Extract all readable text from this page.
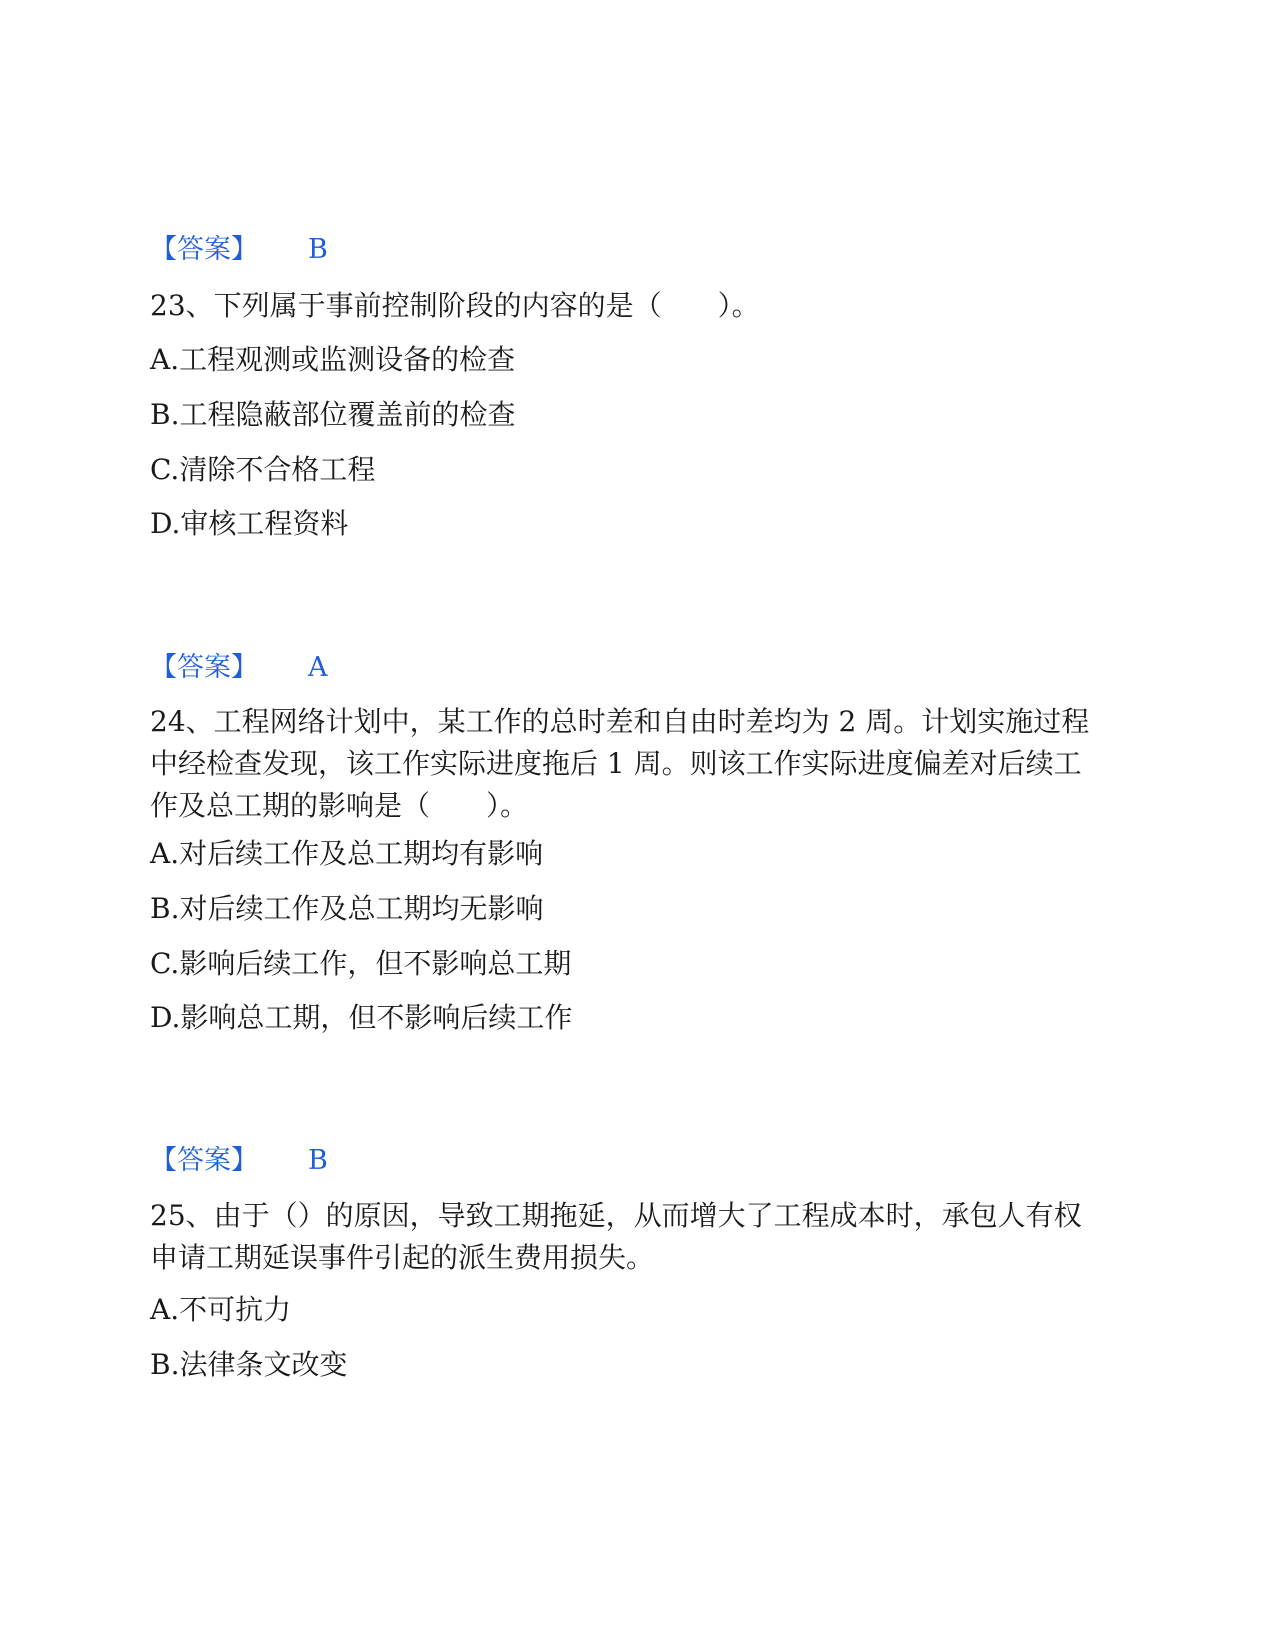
【答案】 B
23、下列属于事前控制阶段的内容的是（　　）。
A.工程观测或监测设备的检查
B.工程隐蔽部位覆盖前的检查
C.清除不合格工程
D.审核工程资料
【答案】 A
24、工程网络计划中，某工作的总时差和自由时差均为 2 周。计划实施过程
中经检查发现，该工作实际进度拖后 1 周。则该工作实际进度偏差对后续工
作及总工期的影响是（　　）。
A.对后续工作及总工期均有影响
B.对后续工作及总工期均无影响
C.影响后续工作，但不影响总工期
D.影响总工期，但不影响后续工作
【答案】 B
25、由于（）的原因，导致工期拖延，从而增大了工程成本时，承包人有权
申请工期延误事件引起的派生费用损失。
A.不可抗力
B.法律条文改变
